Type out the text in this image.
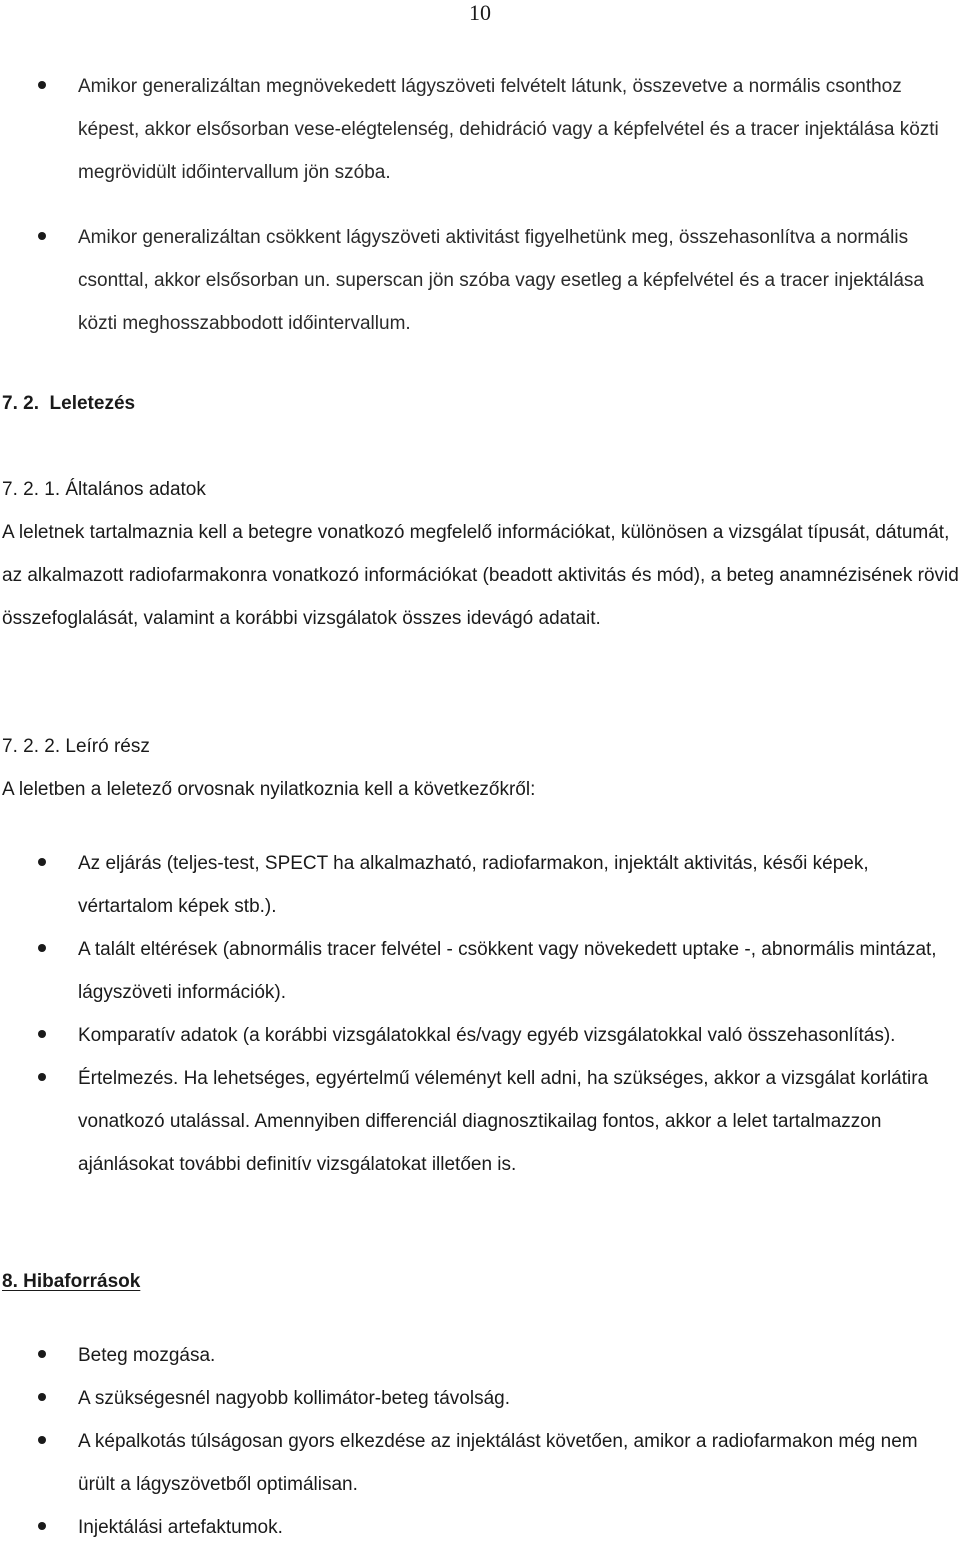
10
Amikor generalizáltan megnövekedett lágyszöveti felvételt látunk, összevetve a normális csonthoz képest, akkor elsősorban vese-elégtelenség, dehidráció vagy a képfelvétel és a tracer injektálása közti megrövidült időintervallum jön szóba.
Amikor generalizáltan csökkent lágyszöveti aktivitást figyelhetünk meg, összehasonlítva a normális csonttal, akkor elsősorban un. superscan jön szóba vagy esetleg a képfelvétel és a tracer injektálása közti meghosszabbodott időintervallum.
7. 2.  Leletezés
7. 2. 1. Általános adatok
A leletnek tartalmaznia kell a betegre vonatkozó megfelelő információkat, különösen a vizsgálat típusát, dátumát, az alkalmazott radiofarmakonra vonatkozó információkat (beadott aktivitás és mód), a beteg anamnézisének rövid összefoglalását, valamint a korábbi vizsgálatok összes idevágó adatait.
7. 2. 2. Leíró rész
A leletben a leletező orvosnak nyilatkoznia kell a következőkről:
Az eljárás (teljes-test, SPECT ha alkalmazható, radiofarmakon, injektált aktivitás, késői képek, vértartalom képek stb.).
A talált eltérések (abnormális tracer felvétel - csökkent vagy növekedett uptake -, abnormális mintázat, lágyszöveti információk).
Komparatív adatok (a korábbi vizsgálatokkal és/vagy egyéb vizsgálatokkal való összehasonlítás).
Értelmezés. Ha lehetséges, egyértelmű véleményt kell adni, ha szükséges, akkor a vizsgálat korlátira vonatkozó utalással. Amennyiben differenciál diagnosztikailag fontos, akkor a lelet tartalmazzon ajánlásokat további definitív vizsgálatokat illetően is.
8. Hibaforrások
Beteg mozgása.
A szükségesnél nagyobb kollimátor-beteg távolság.
A képalkotás túlságosan gyors elkezdése az injektálást követően, amikor a radiofarmakon még nem ürült a lágyszövetből optimálisan.
Injektálási artefaktumok.
